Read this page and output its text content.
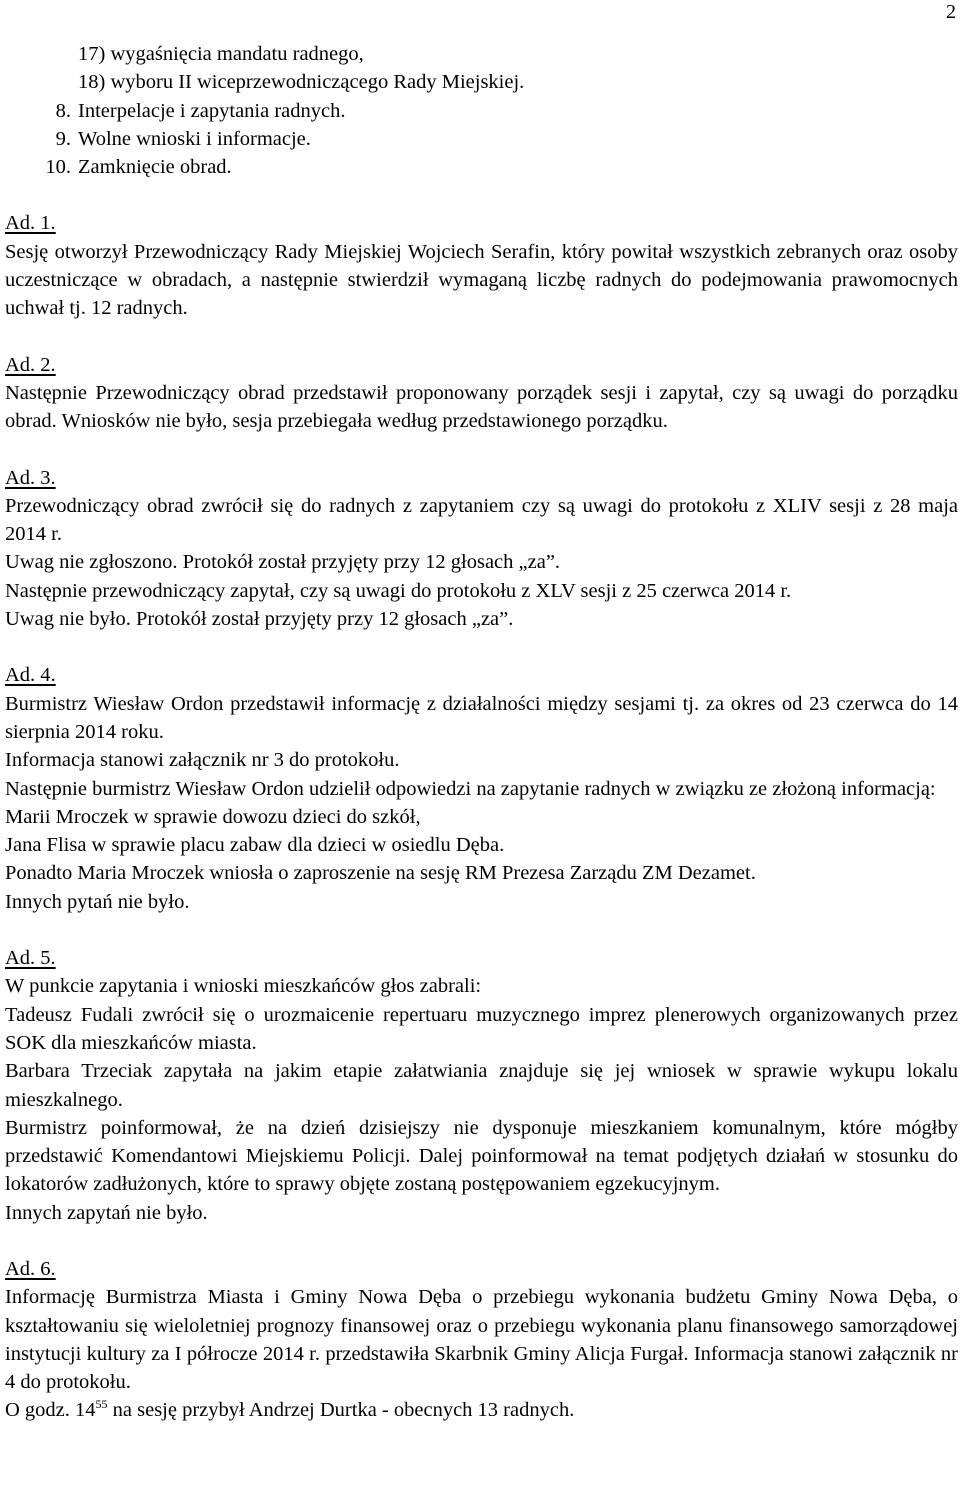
2
17) wygaśnięcia mandatu radnego,
18) wyboru II wiceprzewodniczącego Rady Miejskiej.
8. Interpelacje i zapytania radnych.
9. Wolne wnioski i informacje.
10. Zamknięcie obrad.
Ad. 1.

Sesję otworzył Przewodniczący Rady Miejskiej Wojciech Serafin, który powitał wszystkich zebranych oraz osoby uczestniczące w obradach, a następnie stwierdził wymaganą liczbę radnych do podejmowania prawomocnych uchwał tj. 12 radnych.

Ad. 2.

Następnie Przewodniczący obrad przedstawił proponowany porządek sesji i zapytał, czy są uwagi do porządku obrad. Wniosków nie było, sesja przebiegała według przedstawionego porządku.

Ad. 3.

Przewodniczący obrad zwrócił się do radnych z zapytaniem czy są uwagi do protokołu z XLIV sesji z 28 maja 2014 r.

Uwag nie zgłoszono. Protokół został przyjęty przy 12 głosach „za”.

Następnie przewodniczący zapytał, czy są uwagi do protokołu z XLV sesji z 25 czerwca 2014 r.

Uwag nie było. Protokół został przyjęty przy 12 głosach „za”.

Ad. 4.

Burmistrz Wiesław Ordon przedstawił informację z działalności między sesjami tj. za okres od 23 czerwca do 14 sierpnia 2014 roku.

Informacja stanowi załącznik nr 3 do protokołu.

Następnie burmistrz Wiesław Ordon udzielił odpowiedzi na zapytanie radnych w związku ze złożoną informacją:

Marii Mroczek w sprawie dowozu dzieci do szkół,

Jana Flisa w sprawie placu zabaw dla dzieci w osiedlu Dęba.

Ponadto Maria Mroczek wniosła o zaproszenie na sesję RM Prezesa Zarządu ZM Dezamet.

Innych pytań nie było.

Ad. 5.

W punkcie zapytania i wnioski mieszkańców głos zabrali:

Tadeusz Fudali zwrócił się o urozmaicenie repertuaru muzycznego imprez plenerowych organizowanych przez SOK dla mieszkańców miasta.

Barbara Trzeciak zapytała na jakim etapie załatwiania znajduje się jej wniosek w sprawie wykupu lokalu mieszkalnego.

Burmistrz poinformował, że na dzień dzisiejszy nie dysponuje mieszkaniem komunalnym, które mógłby przedstawić Komendantowi Miejskiemu Policji. Dalej poinformował na temat podjętych działań w stosunku do lokatorów zadłużonych, które to sprawy objęte zostaną postępowaniem egzekucyjnym.

Innych zapytań nie było.

Ad. 6.

Informację Burmistrza Miasta i Gminy Nowa Dęba o przebiegu wykonania budżetu Gminy Nowa Dęba, o kształtowaniu się wieloletniej prognozy finansowej oraz o przebiegu wykonania planu finansowego samorządowej instytucji kultury za I półrocze 2014 r. przedstawiła Skarbnik Gminy Alicja Furgał. Informacja stanowi załącznik nr 4 do protokołu.

O godz. $14^{55}$ na sesję przybył Andrzej Durtka - obecnych 13 radnych.
